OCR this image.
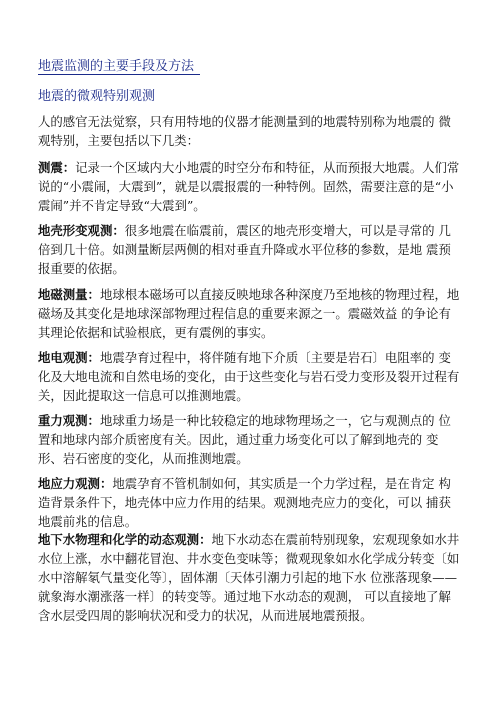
地震监测的主要手段及方法
地震的微观特别观测

人的感官无法觉察，只有用特地的仪器才能测量到的地震特别称为地震的 微观特别，主要包括以下几类：

测震：记录一个区域内大小地震的时空分布和特征，从而预报大地震。人们常说的“小震闹，大震到”，就是以震报震的一种特例。固然，需要注意的是“小震闹”并不肯定导致“大震到”。

地壳形变观测：很多地震在临震前，震区的地壳形变增大，可以是寻常的 几倍到几十倍。如测量断层两侧的相对垂直升降或水平位移的参数，是地 震预报重要的依据。

地磁测量：地球根本磁场可以直接反映地球各种深度乃至地核的物理过程，地磁场及其变化是地球深部物理过程信息的重要来源之一。震磁效益 的争论有其理论依据和试验根底，更有震例的事实。

地电观测：地震孕育过程中，将伴随有地下介质〔主要是岩石〕电阻率的 变化及大地电流和自然电场的变化，由于这些变化与岩石受力变形及裂开过程有关，因此提取这一信息可以推测地震。

重力观测：地球重力场是一种比较稳定的地球物理场之一，它与观测点的 位置和地球内部介质密度有关。因此，通过重力场变化可以了解到地壳的 变形、岩石密度的变化，从而推测地震。

地应力观测：地震孕育不管机制如何，其实质是一个力学过程，是在肯定 构造背景条件下，地壳体中应力作用的结果。观测地壳应力的变化，可以 捕获地震前兆的信息。

地下水物理和化学的动态观测：地下水动态在震前特别现象，宏观现象如水井水位上涨，水中翻花冒泡、井水变色变味等；微观现象如水化学成分转变〔如水中溶解氡气量变化等〕，固体潮〔天体引潮力引起的地下水 位涨落现象——就象海水潮涨落一样〕的转变等。通过地下水动态的观测， 可以直接地了解含水层受四周的影响状况和受力的状况，从而进展地震预报。
